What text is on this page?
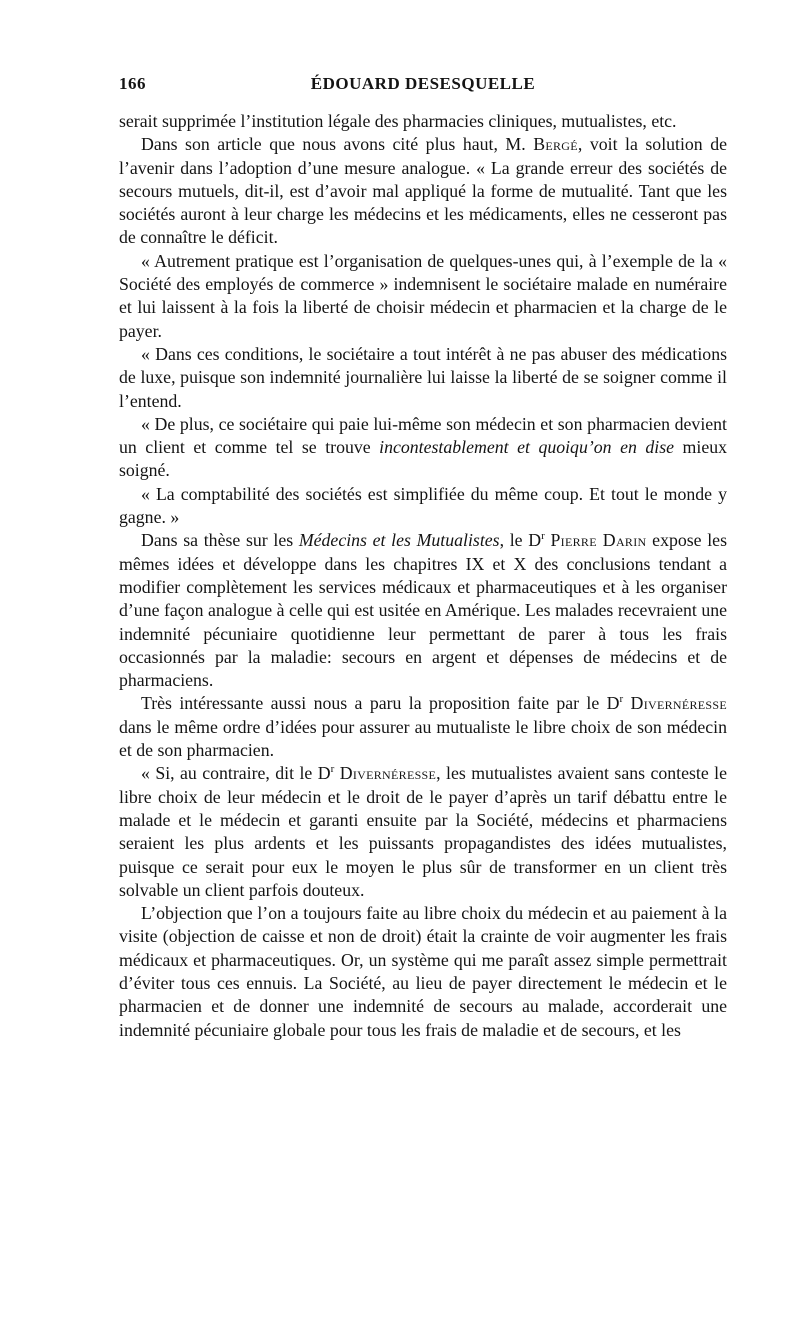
166	ÉDOUARD DESESQUELLE

serait supprimée l’institution légale des pharmacies cliniques, mutualistes, etc.

Dans son article que nous avons cité plus haut, M. Bergé, voit la solution de l’avenir dans l’adoption d’une mesure analogue. « La grande erreur des sociétés de secours mutuels, dit-il, est d’avoir mal appliqué la forme de mutualité. Tant que les sociétés auront à leur charge les médecins et les médicaments, elles ne cesseront pas de connaître le déficit.

« Autrement pratique est l’organisation de quelques-unes qui, à l’exemple de la « Société des employés de commerce » indemnisent le sociétaire malade en numéraire et lui laissent à la fois la liberté de choisir médecin et pharmacien et la charge de le payer.

« Dans ces conditions, le sociétaire a tout intérêt à ne pas abuser des médications de luxe, puisque son indemnité journalière lui laisse la liberté de se soigner comme il l’entend.

« De plus, ce sociétaire qui paie lui-même son médecin et son pharmacien devient un client et comme tel se trouve incontestablement et quoiqu’on en dise mieux soigné.

« La comptabilité des sociétés est simplifiée du même coup. Et tout le monde y gagne. »

Dans sa thèse sur les Médecins et les Mutualistes, le $D^r$ Pierre Darin expose les mêmes idées et développe dans les chapitres IX et X des conclusions tendant a modifier complètement les services médicaux et pharmaceutiques et à les organiser d’une façon analogue à celle qui est usitée en Amérique. Les malades recevraient une indemnité pécuniaire quotidienne leur permettant de parer à tous les frais occasionnés par la maladie: secours en argent et dépenses de médecins et de pharmaciens.

Très intéressante aussi nous a paru la proposition faite par le $D^r$ Divernéresse dans le même ordre d’idées pour assurer au mutualiste le libre choix de son médecin et de son pharmacien.

« Si, au contraire, dit le $D^r$ Divernéresse, les mutualistes avaient sans conteste le libre choix de leur médecin et le droit de le payer d’après un tarif débattu entre le malade et le médecin et garanti ensuite par la Société, médecins et pharmaciens seraient les plus ardents et les puissants propagandistes des idées mutualistes, puisque ce serait pour eux le moyen le plus sûr de transformer en un client très solvable un client parfois douteux.

L’objection que l’on a toujours faite au libre choix du médecin et au paiement à la visite (objection de caisse et non de droit) était la crainte de voir augmenter les frais médicaux et pharmaceutiques. Or, un système qui me paraît assez simple permettrait d’éviter tous ces ennuis. La Société, au lieu de payer directement le médecin et le pharmacien et de donner une indemnité de secours au malade, accorderait une indemnité pécuniaire globale pour tous les frais de maladie et de secours, et les
